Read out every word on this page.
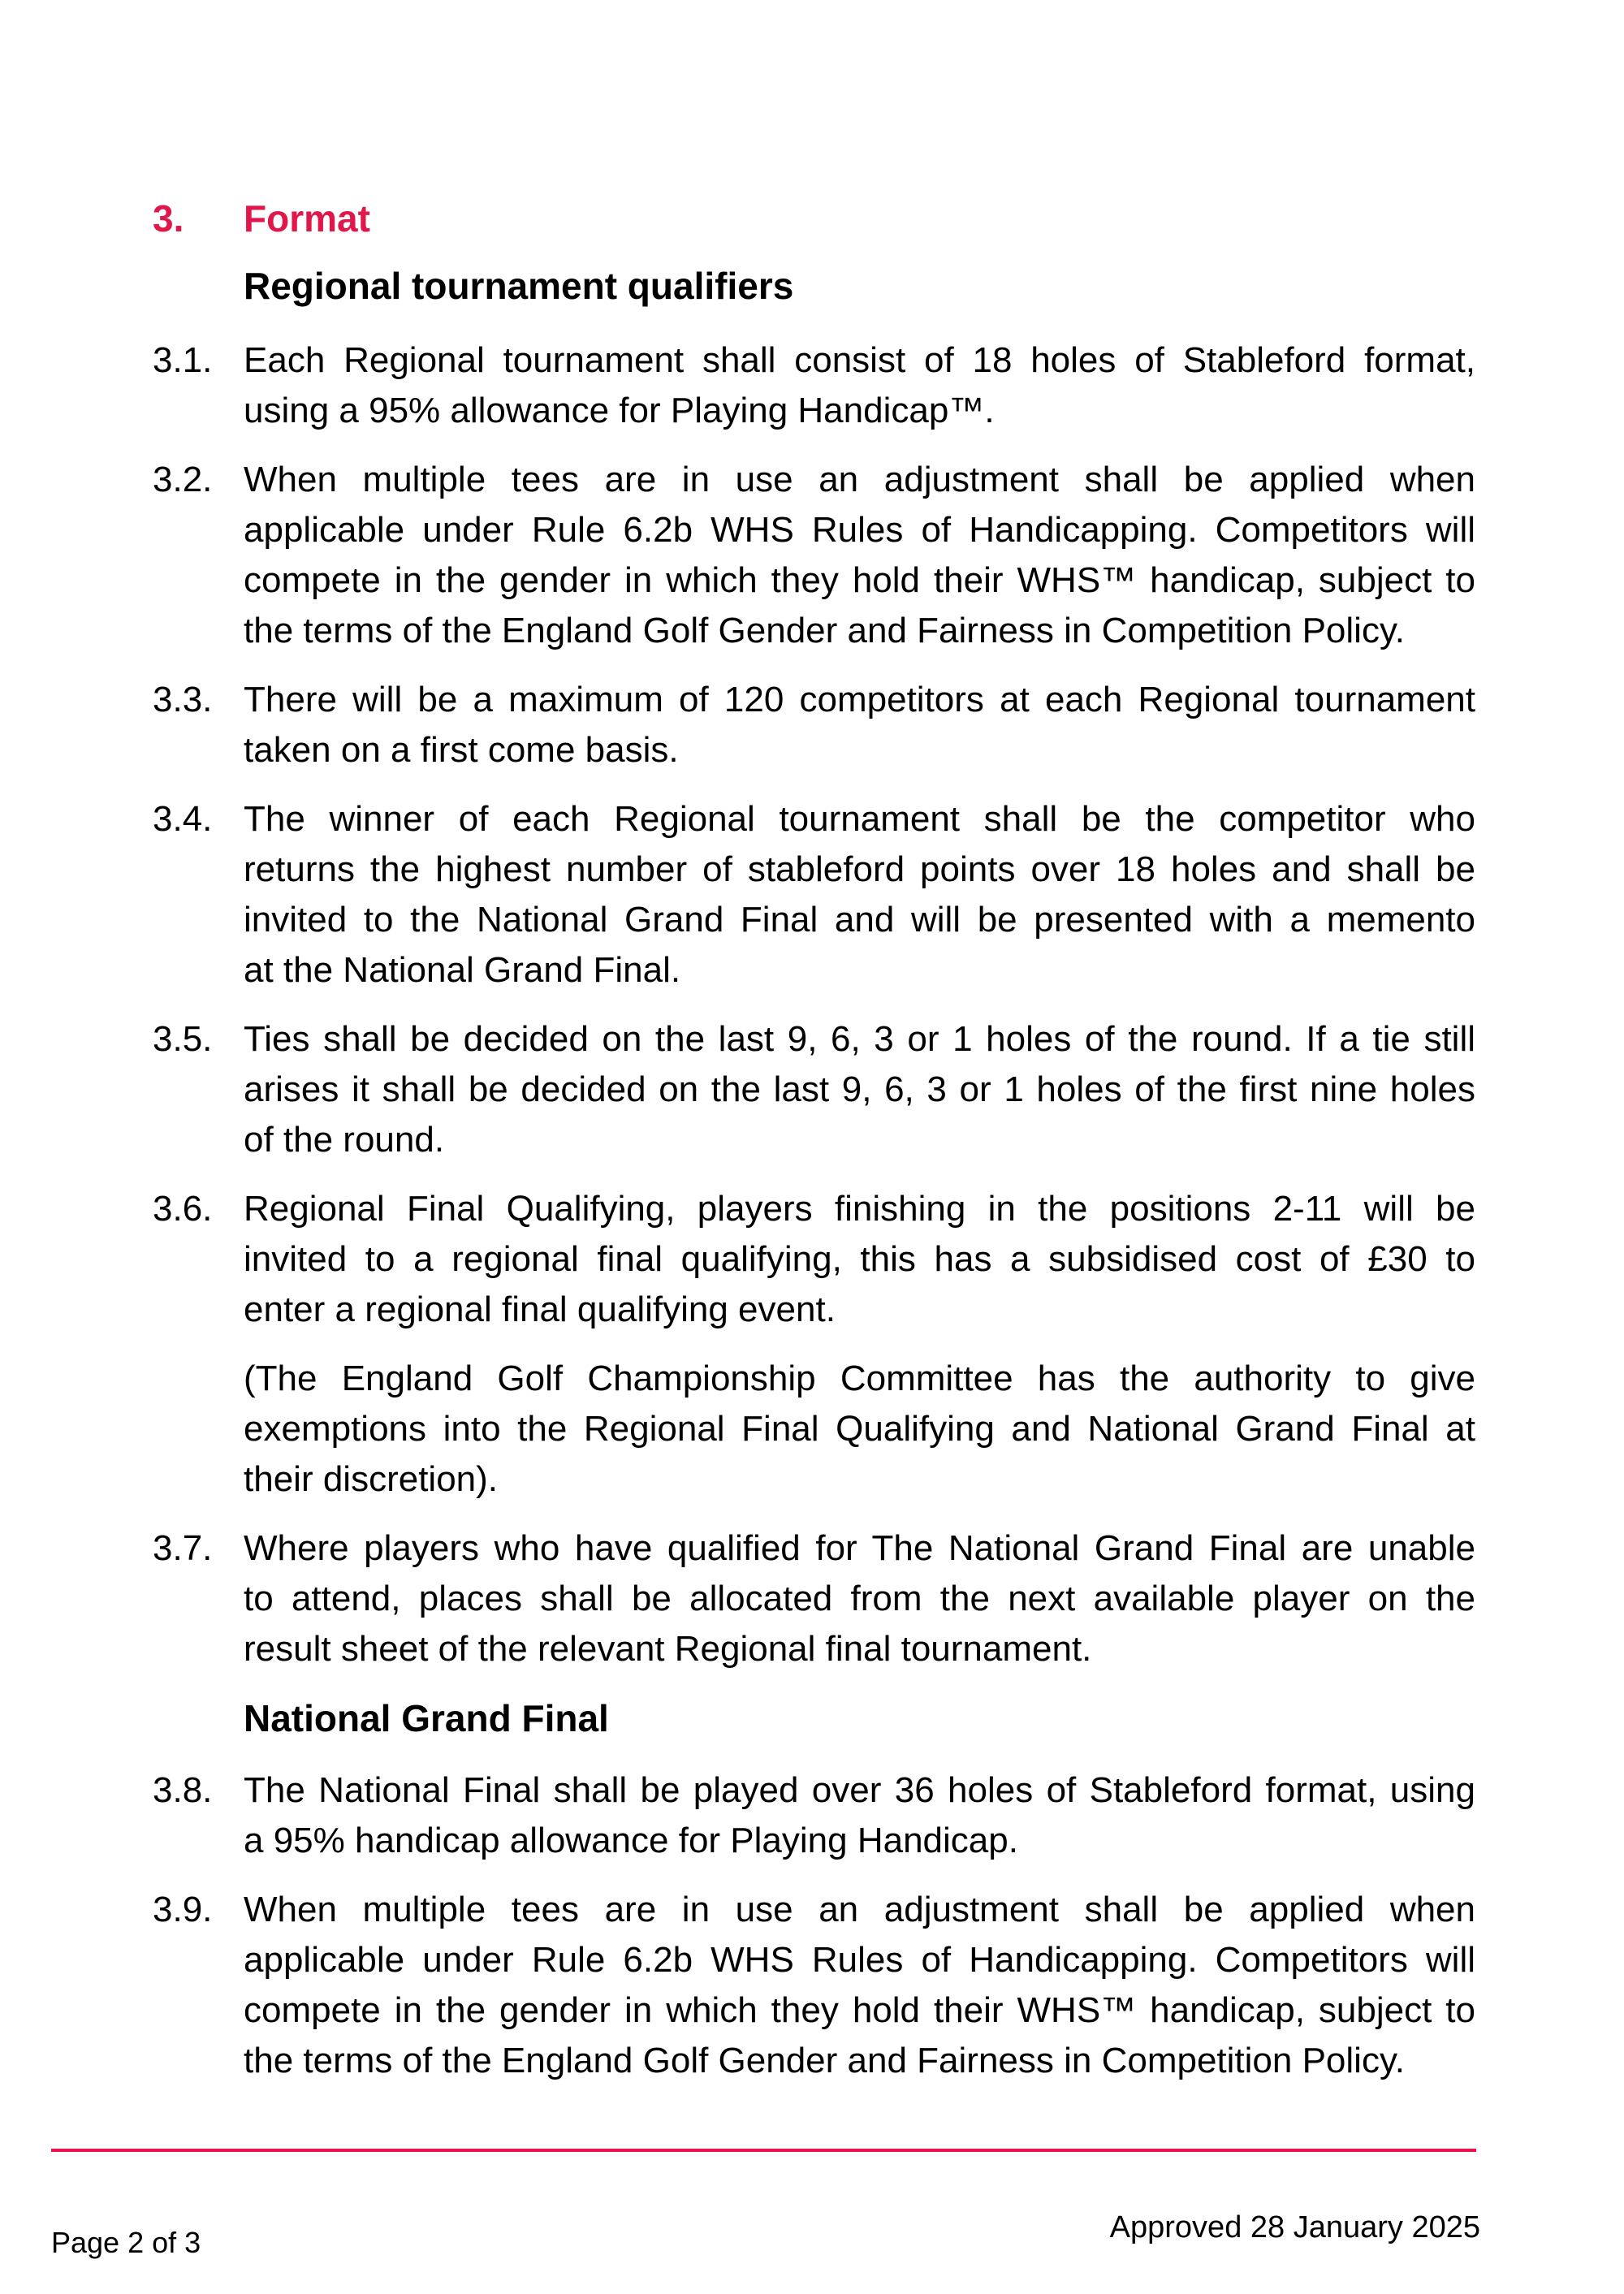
3.	Format
Regional tournament qualifiers
3.1. Each Regional tournament shall consist of 18 holes of Stableford format,
using a 95% allowance for Playing Handicap™.
3.2. When multiple tees are in use an adjustment shall be applied when
applicable under Rule 6.2b WHS Rules of Handicapping. Competitors will
compete in the gender in which they hold their WHS™ handicap, subject to
the terms of the England Golf Gender and Fairness in Competition Policy.
3.3. There will be a maximum of 120 competitors at each Regional tournament
taken on a first come basis.
3.4. The winner of each Regional tournament shall be the competitor who
returns the highest number of stableford points over 18 holes and shall be
invited to the National Grand Final and will be presented with a memento
at the National Grand Final.
3.5. Ties shall be decided on the last 9, 6, 3 or 1 holes of the round. If a tie still
arises it shall be decided on the last 9, 6, 3 or 1 holes of the first nine holes
of the round.
3.6. Regional Final Qualifying, players finishing in the positions 2-11 will be
invited to a regional final qualifying, this has a subsidised cost of £30 to
enter a regional final qualifying event.
(The England Golf Championship Committee has the authority to give
exemptions into the Regional Final Qualifying and National Grand Final at
their discretion).
3.7. Where players who have qualified for The National Grand Final are unable
to attend, places shall be allocated from the next available player on the
result sheet of the relevant Regional final tournament.
National Grand Final
3.8. The National Final shall be played over 36 holes of Stableford format, using
a 95% handicap allowance for Playing Handicap.
3.9. When multiple tees are in use an adjustment shall be applied when
applicable under Rule 6.2b WHS Rules of Handicapping. Competitors will
compete in the gender in which they hold their WHS™ handicap, subject to
the terms of the England Golf Gender and Fairness in Competition Policy.
Page 2 of 3	Approved 28 January 2025
